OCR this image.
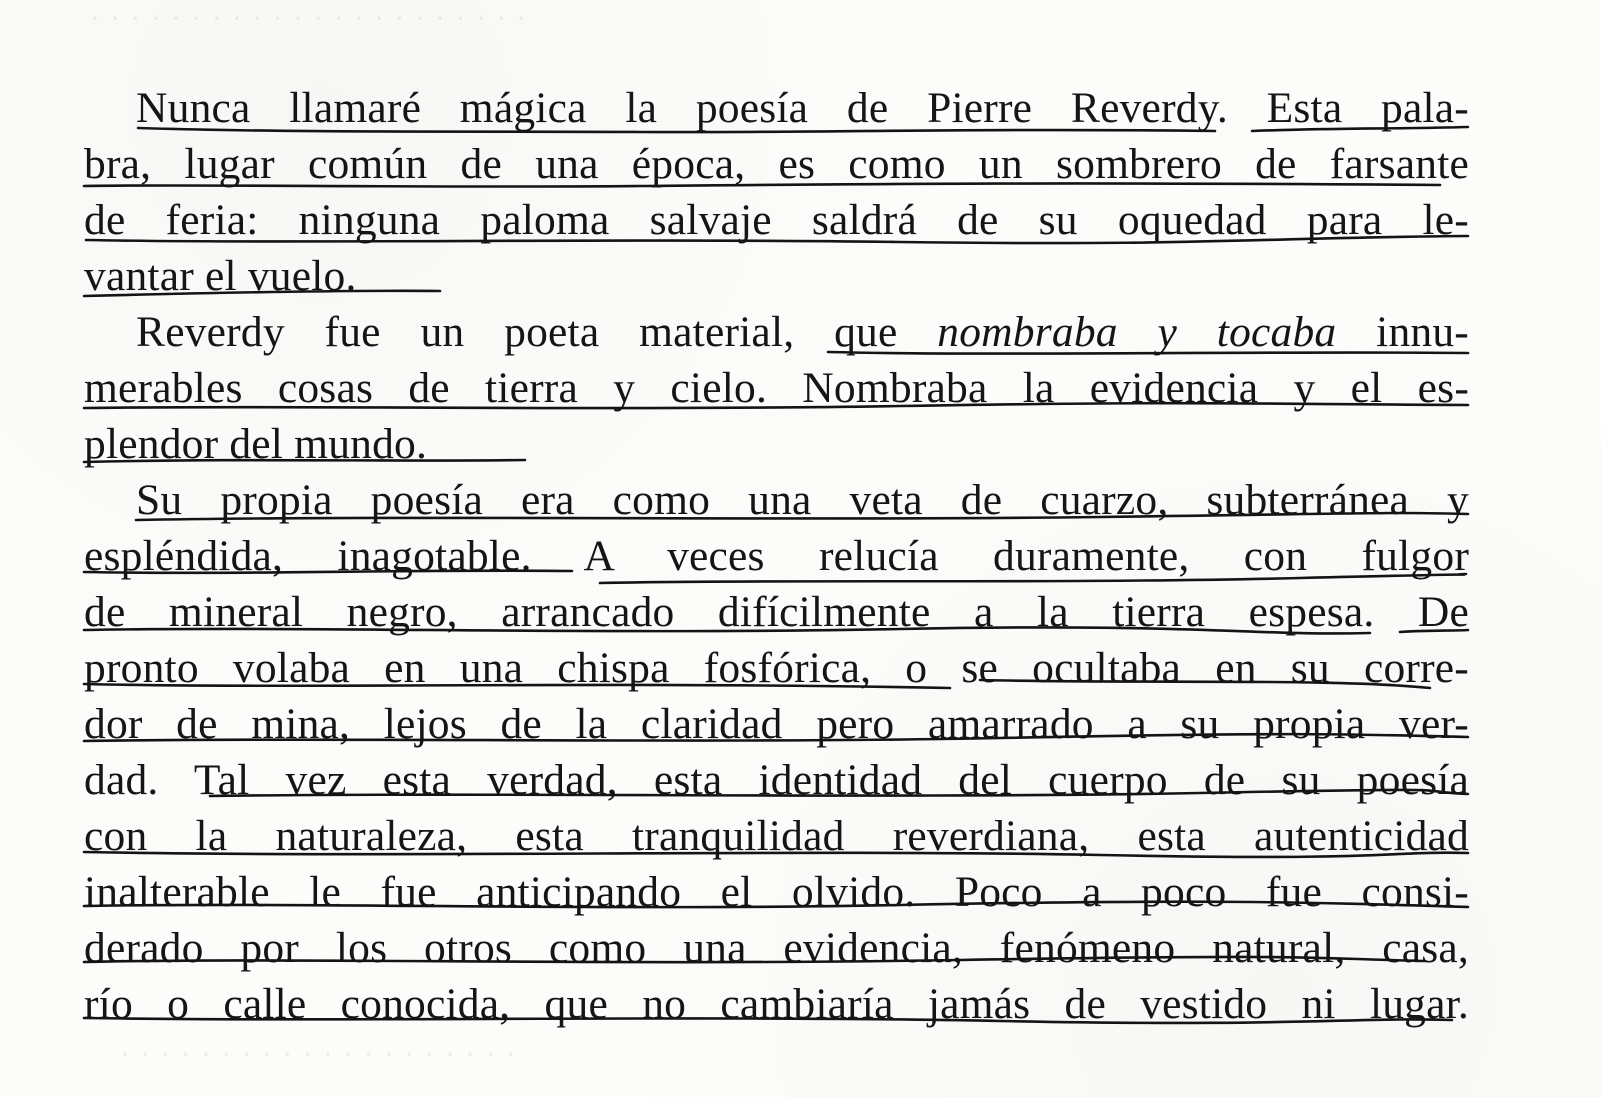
· · · · · · · · · · · · · · · · · · · · · ·
Nunca llamaré mágica la poesía de Pierre Reverdy. Esta pala-
bra, lugar común de una época, es como un sombrero de farsante
de feria: ninguna paloma salvaje saldrá de su oquedad para le-
vantar el vuelo.
Reverdy fue un poeta material, que nombraba y tocaba innu-
merables cosas de tierra y cielo. Nombraba la evidencia y el es-
plendor del mundo.
Su propia poesía era como una veta de cuarzo, subterránea y
espléndida, inagotable. A veces relucía duramente, con fulgor
de mineral negro, arrancado difícilmente a la tierra espesa. De
pronto volaba en una chispa fosfórica, o se ocultaba en su corre-
dor de mina, lejos de la claridad pero amarrado a su propia ver-
dad. Tal vez esta verdad, esta identidad del cuerpo de su poesía
con la naturaleza, esta tranquilidad reverdiana, esta autenticidad
inalterable le fue anticipando el olvido. Poco a poco fue consi-
derado por los otros como una evidencia, fenómeno natural, casa,
río o calle conocida, que no cambiaría jamás de vestido ni lugar.
· · · · · · · · · · · · · · · · · · · ·
